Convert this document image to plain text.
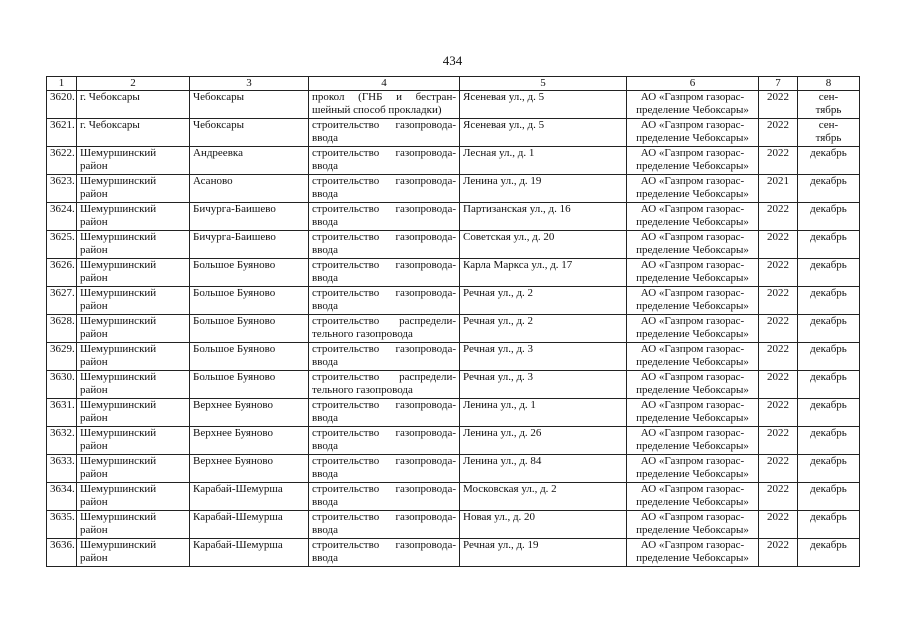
434
1	2	3	4	5	6	7	8

3620.	г. Чебоксары	Чебоксары	прокол (ГНБ и бестран-
шейный способ прокладки)	Ясеневая ул., д. 5	АО «Газпром газорас-
пределение Чебоксары»	2022	сен-
тябрь

3621.	г. Чебоксары	Чебоксары	строительство газопровода-
ввода	Ясеневая ул., д. 5	АО «Газпром газорас-
пределение Чебоксары»	2022	сен-
тябрь

3622.	Шемуршинский
район	Андреевка	строительство газопровода-
ввода	Лесная ул., д. 1	АО «Газпром газорас-
пределение Чебоксары»	2022	декабрь

3623.	Шемуршинский
район	Асаново	строительство газопровода-
ввода	Ленина ул., д. 19	АО «Газпром газорас-
пределение Чебоксары»	2021	декабрь

3624.	Шемуршинский
район	Бичурга-Баишево	строительство газопровода-
ввода	Партизанская ул., д. 16	АО «Газпром газорас-
пределение Чебоксары»	2022	декабрь

3625.	Шемуршинский
район	Бичурга-Баишево	строительство газопровода-
ввода	Советская ул., д. 20	АО «Газпром газорас-
пределение Чебоксары»	2022	декабрь

3626.	Шемуршинский
район	Большое Буяново	строительство газопровода-
ввода	Карла Маркса ул., д. 17	АО «Газпром газорас-
пределение Чебоксары»	2022	декабрь

3627.	Шемуршинский
район	Большое Буяново	строительство газопровода-
ввода	Речная ул., д. 2	АО «Газпром газорас-
пределение Чебоксары»	2022	декабрь

3628.	Шемуршинский
район	Большое Буяново	строительство распредели-
тельного газопровода	Речная ул., д. 2	АО «Газпром газорас-
пределение Чебоксары»	2022	декабрь

3629.	Шемуршинский
район	Большое Буяново	строительство газопровода-
ввода	Речная ул., д. 3	АО «Газпром газорас-
пределение Чебоксары»	2022	декабрь

3630.	Шемуршинский
район	Большое Буяново	строительство распредели-
тельного газопровода	Речная ул., д. 3	АО «Газпром газорас-
пределение Чебоксары»	2022	декабрь

3631.	Шемуршинский
район	Верхнее Буяново	строительство газопровода-
ввода	Ленина ул., д. 1	АО «Газпром газорас-
пределение Чебоксары»	2022	декабрь

3632.	Шемуршинский
район	Верхнее Буяново	строительство газопровода-
ввода	Ленина ул., д. 26	АО «Газпром газорас-
пределение Чебоксары»	2022	декабрь

3633.	Шемуршинский
район	Верхнее Буяново	строительство газопровода-
ввода	Ленина ул., д. 84	АО «Газпром газорас-
пределение Чебоксары»	2022	декабрь

3634.	Шемуршинский
район	Карабай-Шемурша	строительство газопровода-
ввода	Московская ул., д. 2	АО «Газпром газорас-
пределение Чебоксары»	2022	декабрь

3635.	Шемуршинский
район	Карабай-Шемурша	строительство газопровода-
ввода	Новая ул., д. 20	АО «Газпром газорас-
пределение Чебоксары»	2022	декабрь

3636.	Шемуршинский
район	Карабай-Шемурша	строительство газопровода-
ввода	Речная ул., д. 19	АО «Газпром газорас-
пределение Чебоксары»	2022	декабрь
